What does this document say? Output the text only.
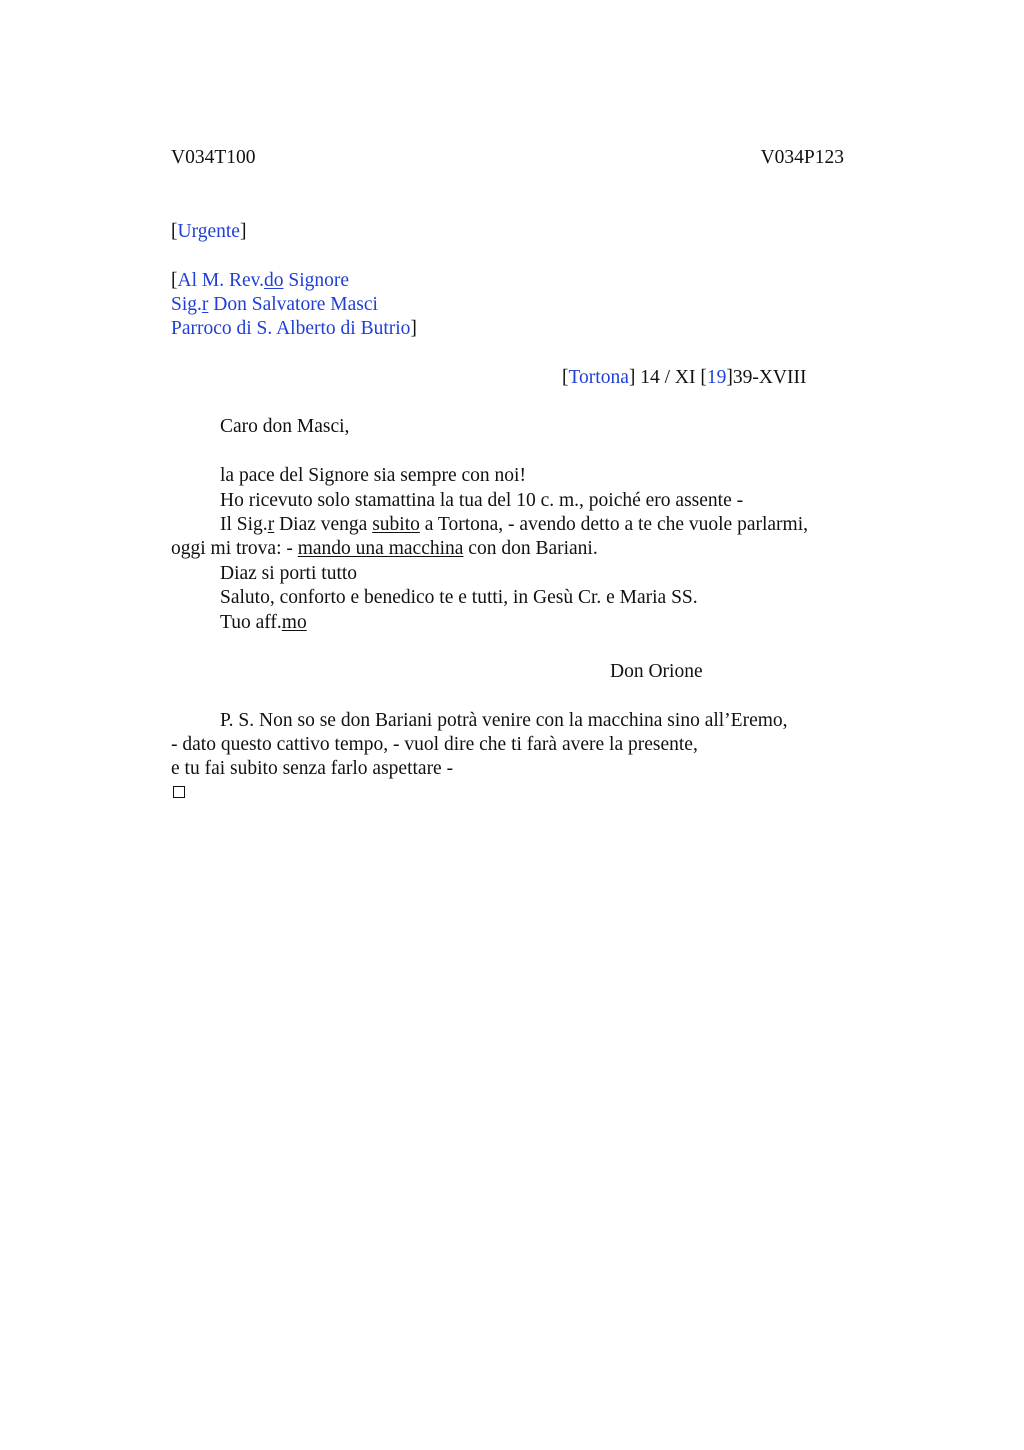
V034T100	V034P123
[Urgente]
[Al M. Rev.do Signore
Sig.r Don Salvatore Masci
Parroco di S. Alberto di Butrio]
[Tortona] 14 / XI [19]39-XVIII
Caro don Masci,
la pace del Signore sia sempre con noi!
Ho ricevuto solo stamattina la tua del 10 c. m., poiché ero assente -
Il Sig.r Diaz venga subito a Tortona, - avendo detto a te che vuole parlarmi,
oggi mi trova: - mando una macchina con don Bariani.
Diaz si porti tutto
Saluto, conforto e benedico te e tutti, in Gesù Cr. e Maria SS.
Tuo aff.mo
Don Orione
P. S. Non so se don Bariani potrà venire con la macchina sino all’Eremo,
- dato questo cattivo tempo, - vuol dire che ti farà avere la presente,
e tu fai subito senza farlo aspettare -
